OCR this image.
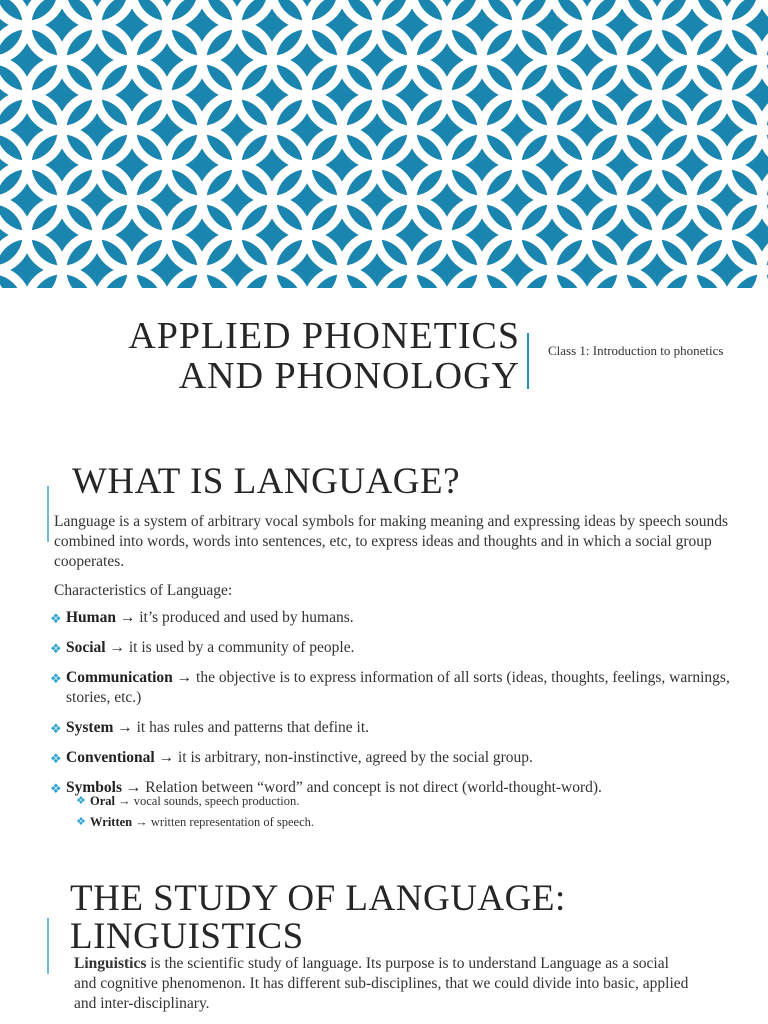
APPLIED PHONETICS
AND PHONOLOGY
Class 1: Introduction to phonetics
WHAT IS LANGUAGE?
Language is a system of arbitrary vocal symbols for making meaning and expressing ideas by speech sounds combined into words, words into sentences, etc, to express ideas and thoughts and in which a social group cooperates.
Characteristics of Language:
❖ Human → it’s produced and used by humans.
❖ Social → it is used by a community of people.
❖ Communication → the objective is to express information of all sorts (ideas, thoughts, feelings, warnings, stories, etc.)
❖ System → it has rules and patterns that define it.
❖ Conventional → it is arbitrary, non-instinctive, agreed by the social group.
❖ Symbols → Relation between “word” and concept is not direct (world-thought-word).
❖ Oral → vocal sounds, speech production.
❖ Written → written representation of speech.
THE STUDY OF LANGUAGE: LINGUISTICS
Linguistics is the scientific study of language. Its purpose is to understand Language as a social and cognitive phenomenon. It has different sub-disciplines, that we could divide into basic, applied and inter-disciplinary.
